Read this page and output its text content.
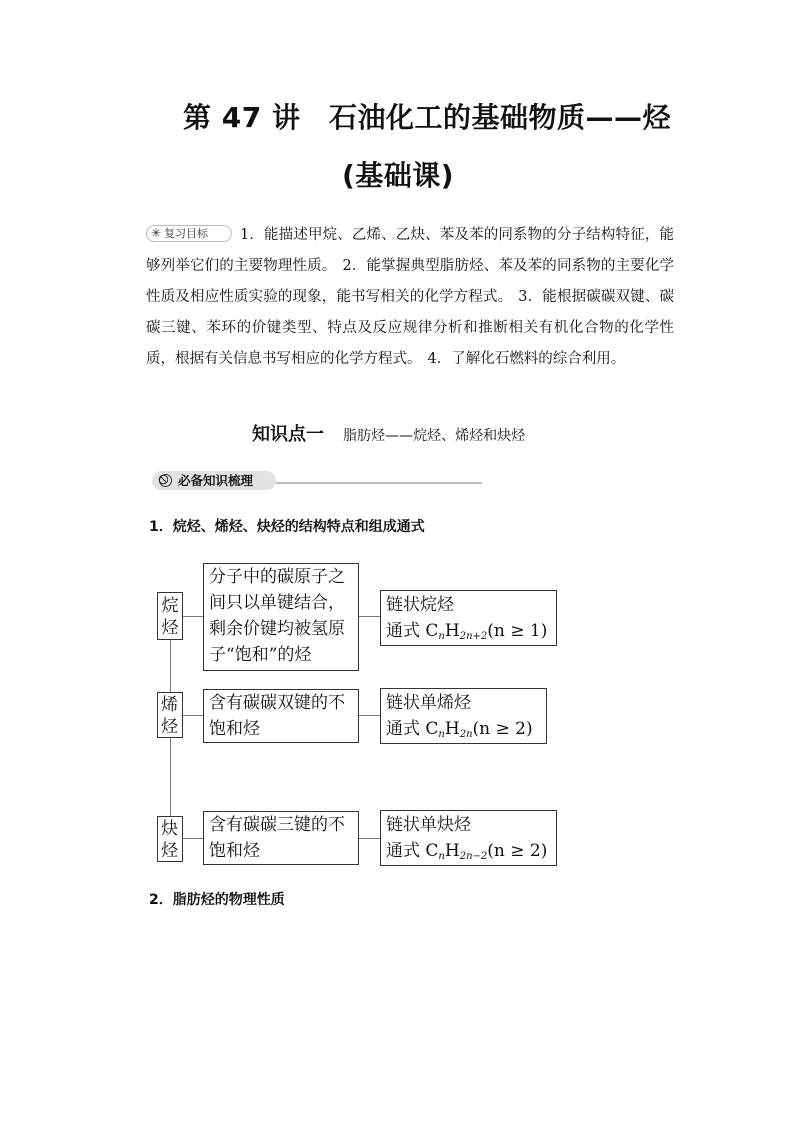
第 47 讲　石油化工的基础物质——烃
(基础课)
✳ 复习目标	1．能描述甲烷、乙烯、乙炔、苯及苯的同系物的分子结构特征，能够列举它们的主要物理性质。 2．能掌握典型脂肪烃、苯及苯的同系物的主要化学性质及相应性质实验的现象，能书写相关的化学方程式。 3．能根据碳碳双键、碳碳三键、苯环的价键类型、特点及反应规律分析和推断相关有机化合物的化学性质，根据有关信息书写相应的化学方程式。 4．了解化石燃料的综合利用。
知识点一 脂肪烃——烷烃、烯烃和炔烃
必备知识梳理
1．烷烃、烯烃、炔烃的结构特点和组成通式
烷烃
分子中的碳原子之
间只以单键结合，
剩余价键均被氢原
子“饱和”的烃
链状烷烃
通式 $C_nH_{2n+2}(n \ge 1)$
烯烃
含有碳碳双键的不
饱和烃
链状单烯烃
通式 $C_nH_{2n}(n \ge 2)$
炔烃
含有碳碳三键的不
饱和烃
链状单炔烃
通式 $C_nH_{2n-2}(n \ge 2)$
2．脂肪烃的物理性质
